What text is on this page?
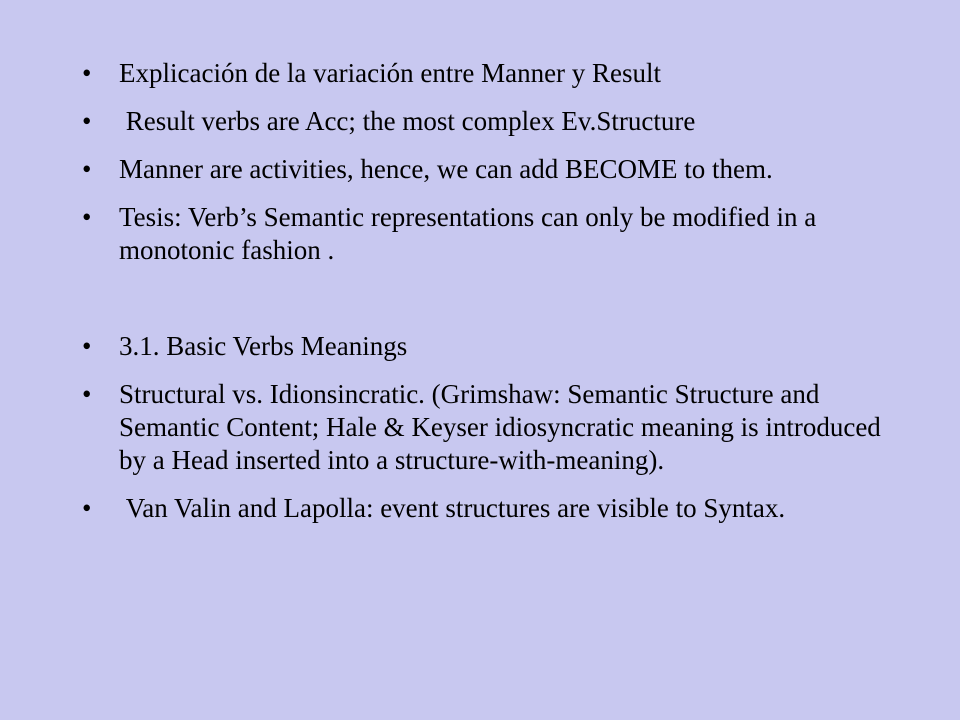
•	Explicación de la variación entre Manner y Result
•	Result verbs are Acc; the most complex Ev.Structure
•	Manner are activities, hence, we can add BECOME to them.
•	Tesis: Verb’s Semantic representations can only be modified in a monotonic fashion .
•	3.1. Basic Verbs Meanings
•	Structural vs. Idionsincratic. (Grimshaw: Semantic Structure and Semantic Content; Hale & Keyser idiosyncratic meaning is introduced by a Head inserted into a structure-with-meaning).
•	Van Valin and Lapolla: event structures are visible to Syntax.
